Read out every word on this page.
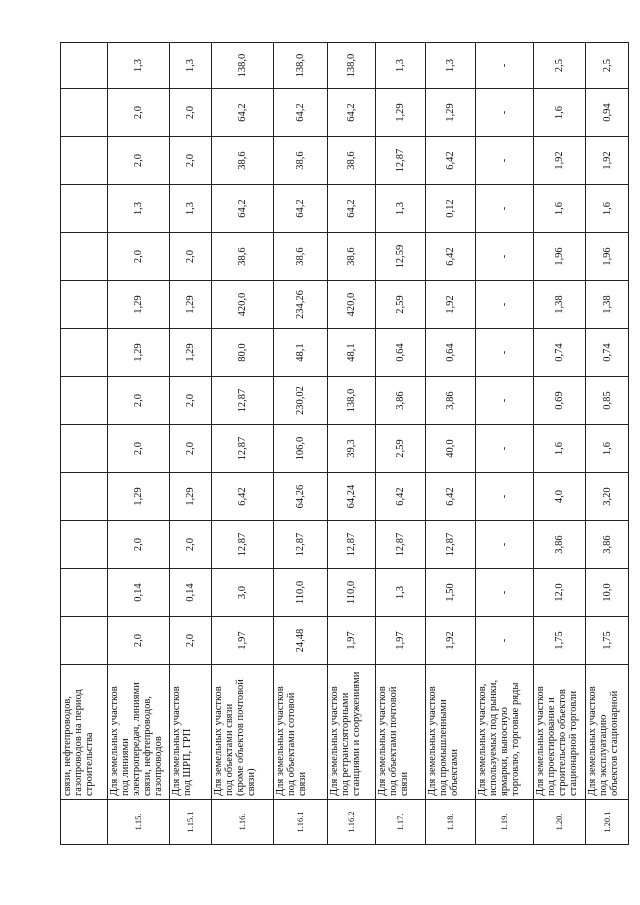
	связи, нефтепроводов, газопроводов на период строительства													

1.15.	Для земельных участков под линиями электропередач, линиями связи, нефтепроводов, газопроводов	2,0	0,14	2,0	1,29	2,0	2,0	1,29	1,29	2,0	1,3	2,0	2,0	1,3
1.15.1	Для земельных участков под ШРП, ГРП	2,0	0,14	2,0	1,29	2,0	2,0	1,29	1,29	2,0	1,3	2,0	2,0	1,3
1.16.	Для земельных участков под объектами связи (кроме объектов почтовой связи)	1,97	3,0	12,87	6,42	12,87	12,87	80,0	420,0	38,6	64,2	38,6	64,2	138,0
1.16.1	Для земельных участков под объектами сотовой связи	24,48	110,0	12,87	64,26	106,0	230,02	48,1	234,26	38,6	64,2	38,6	64,2	138,0
1.16.2	Для земельных участков под ретрансляторными станциями и сооружениями	1,97	110,0	12,87	64,24	39,3	138,0	48,1	420,0	38,6	64,2	38,6	64,2	138,0
1.17.	Для земельных участков под объектами почтовой связи	1,97	1,3	12,87	6,42	2,59	3,86	0,64	2,59	12,59	1,3	12,87	1,29	1,3
1.18.	Для земельных участков под промышленными объектами	1,92	1,50	12,87	6,42	40,0	3,86	0,64	1,92	6,42	0,12	6,42	1,29	1,3
1.19.	Для земельных участков, используемых под рынки, ярмарки, выносную торговлю, торговые ряды	-	-	-	-	-	-	-	-	-	-	-	-	-
1.20.	Для земельных участков под проектирование и строительство объектов стационарной торговли	1,75	12,0	3,86	4,0	1,6	0,69	0,74	1,38	1,96	1,6	1,92	1,6	2,5
1.20.1	Для земельных участков под эксплуатацию объектов стационарной	1,75	10,0	3,86	3,20	1,6	0,85	0,74	1,38	1,96	1,6	1,92	0,94	2,5
